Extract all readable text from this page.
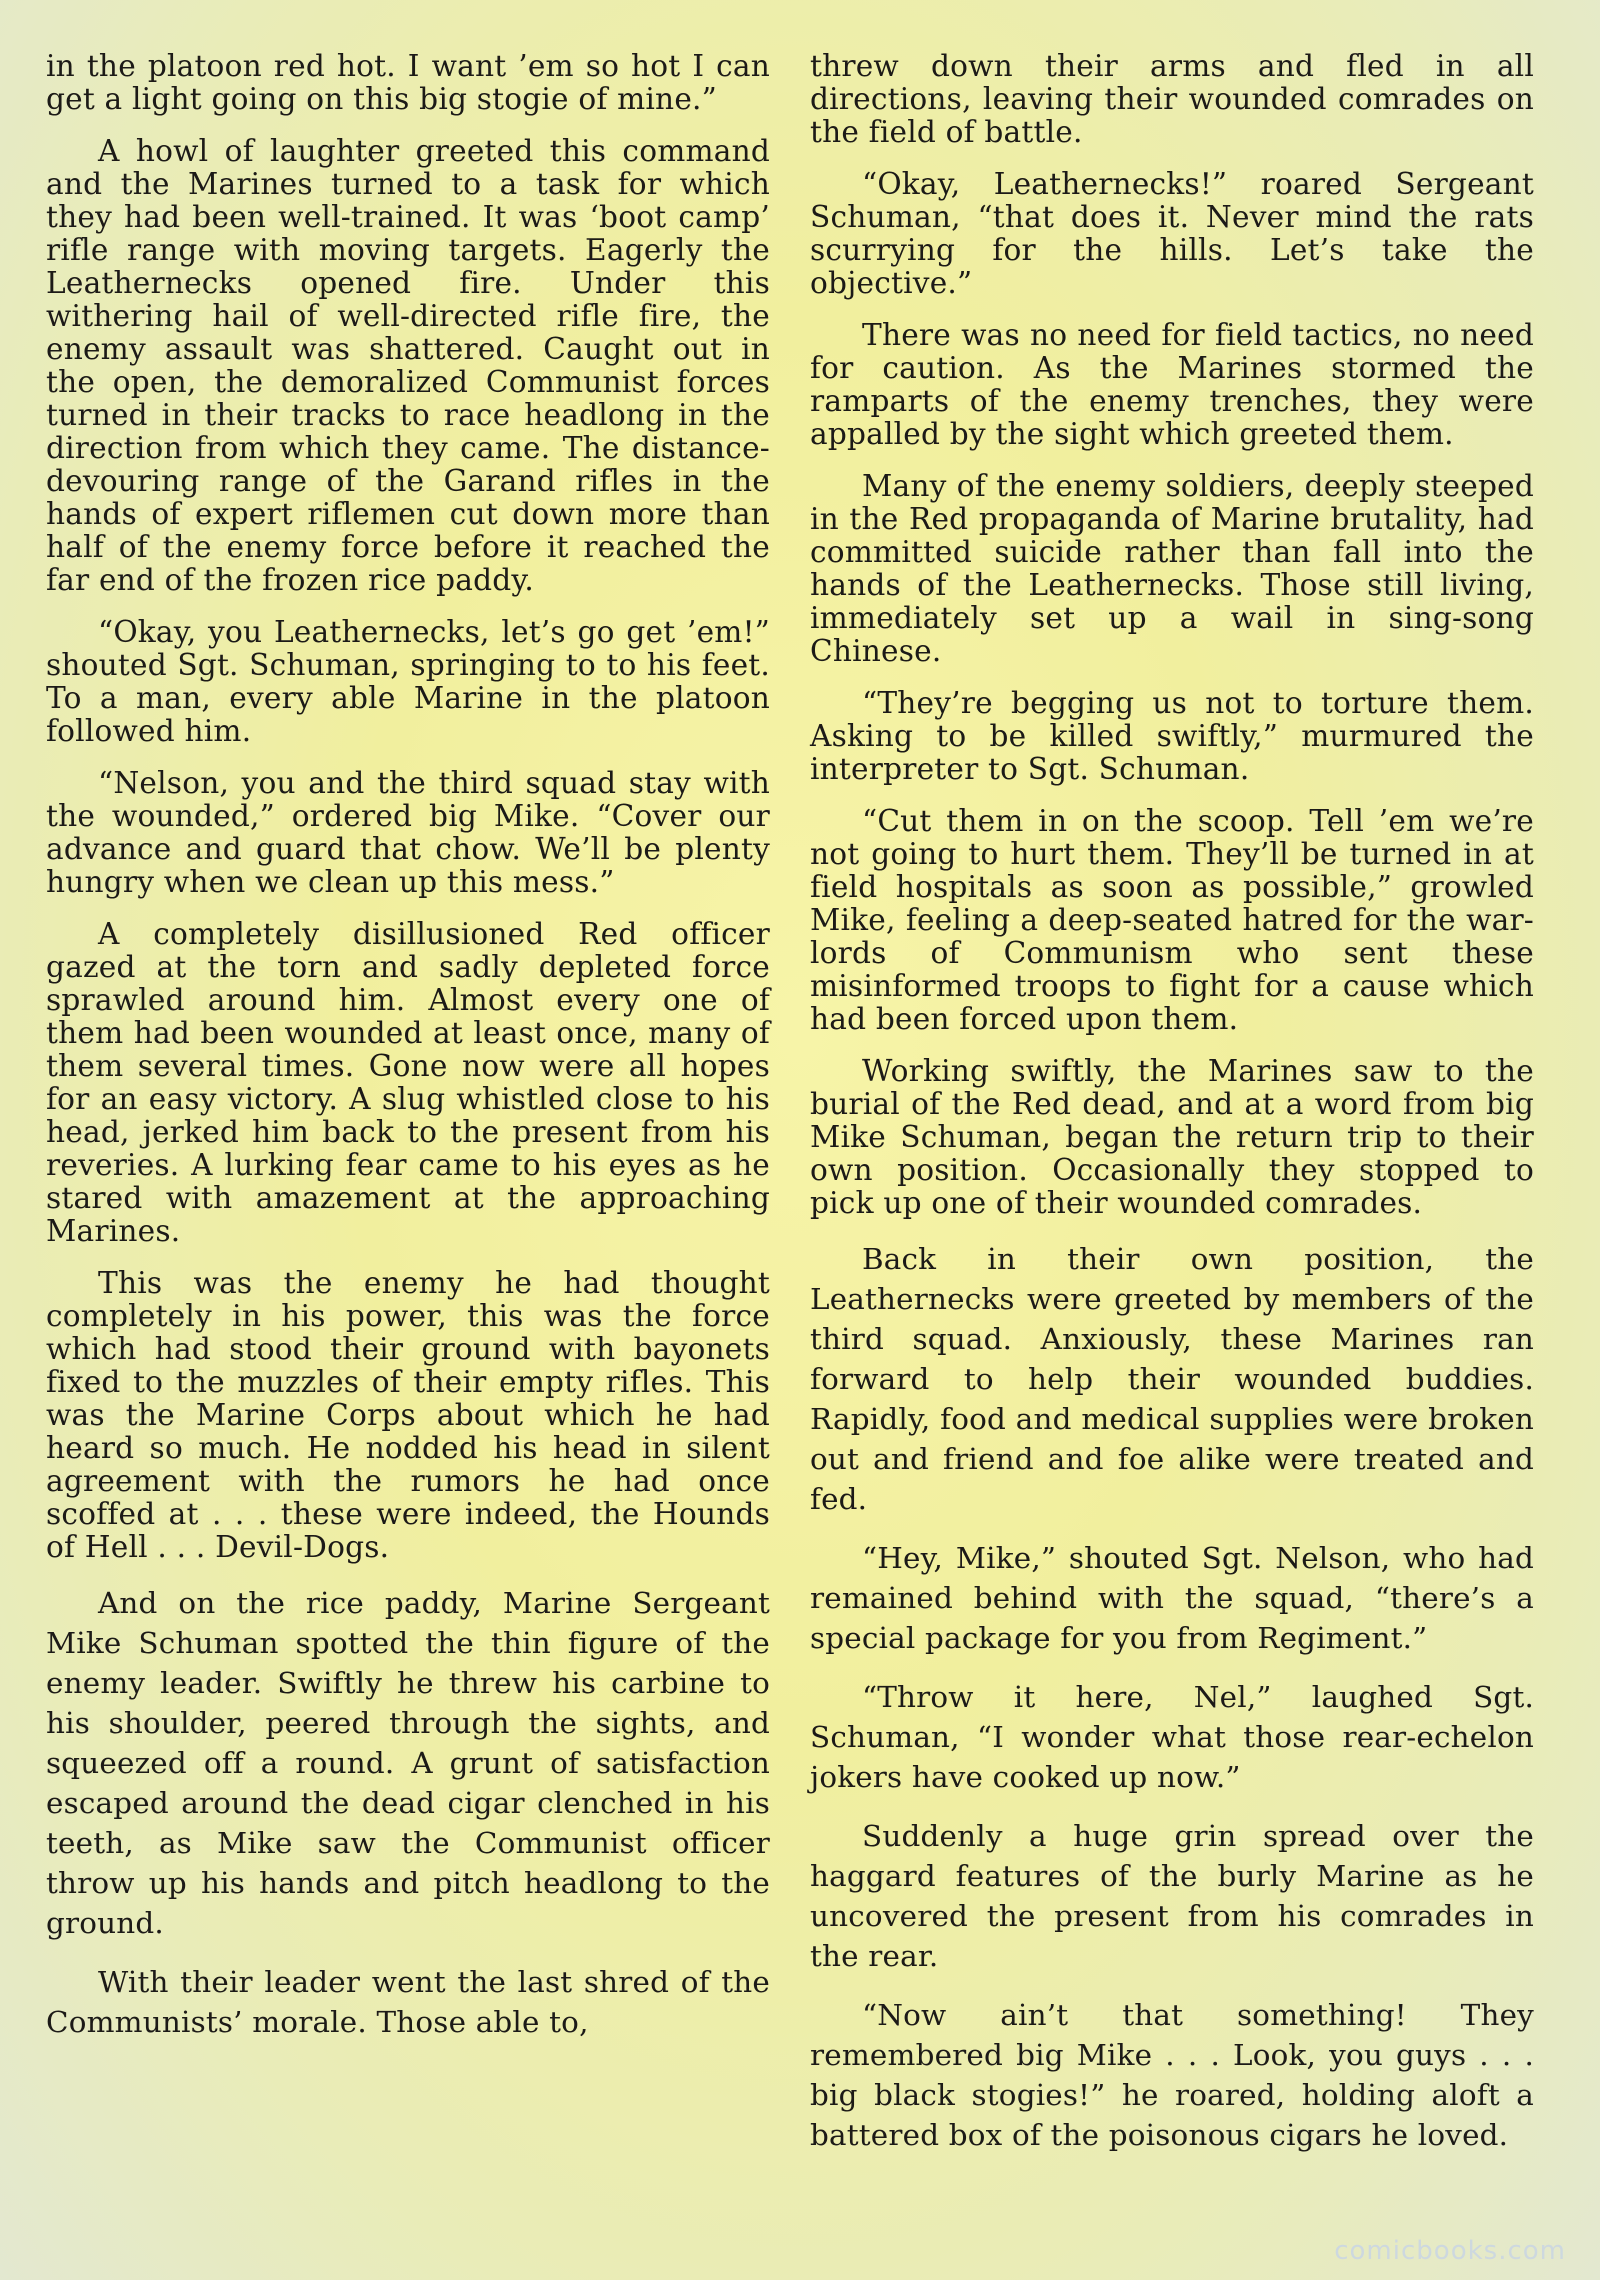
in the platoon red hot. I want ’em so hot I can get a light going on this big stogie of mine.”

A howl of laughter greeted this command and the Marines turned to a task for which they had been well-trained. It was ‘boot camp’ rifle range with moving targets. Eagerly the Leathernecks opened fire. Under this withering hail of well-directed rifle fire, the enemy assault was shattered. Caught out in the open, the demoralized Communist forces turned in their tracks to race headlong in the direction from which they came. The distance-devouring range of the Garand rifles in the hands of expert riflemen cut down more than half of the enemy force before it reached the far end of the frozen rice paddy.

“Okay, you Leathernecks, let’s go get ’em!” shouted Sgt. Schuman, springing to to his feet. To a man, every able Marine in the platoon followed him.

“Nelson, you and the third squad stay with the wounded,” ordered big Mike. “Cover our advance and guard that chow. We’ll be plenty hungry when we clean up this mess.”

A completely disillusioned Red officer gazed at the torn and sadly depleted force sprawled around him. Almost every one of them had been wounded at least once, many of them several times. Gone now were all hopes for an easy victory. A slug whistled close to his head, jerked him back to the present from his reveries. A lurking fear came to his eyes as he stared with amazement at the approaching Marines.

This was the enemy he had thought completely in his power, this was the force which had stood their ground with bayonets fixed to the muzzles of their empty rifles. This was the Marine Corps about which he had heard so much. He nodded his head in silent agreement with the rumors he had once scoffed at . . . these were indeed, the Hounds of Hell . . . Devil-Dogs.

And on the rice paddy, Marine Sergeant Mike Schuman spotted the thin figure of the enemy leader. Swiftly he threw his carbine to his shoulder, peered through the sights, and squeezed off a round. A grunt of satisfaction escaped around the dead cigar clenched in his teeth, as Mike saw the Communist officer throw up his hands and pitch headlong to the ground.

With their leader went the last shred of the Communists’ morale. Those able to,

threw down their arms and fled in all directions, leaving their wounded comrades on the field of battle.

“Okay, Leathernecks!” roared Sergeant Schuman, “that does it. Never mind the rats scurrying for the hills. Let’s take the objective.”

There was no need for field tactics, no need for caution. As the Marines stormed the ramparts of the enemy trenches, they were appalled by the sight which greeted them.

Many of the enemy soldiers, deeply steeped in the Red propaganda of Marine brutality, had committed suicide rather than fall into the hands of the Leathernecks. Those still living, immediately set up a wail in sing-song Chinese.

“They’re begging us not to torture them. Asking to be killed swiftly,” murmured the interpreter to Sgt. Schuman.

“Cut them in on the scoop. Tell ’em we’re not going to hurt them. They’ll be turned in at field hospitals as soon as possible,” growled Mike, feeling a deep-seated hatred for the war-lords of Communism who sent these misinformed troops to fight for a cause which had been forced upon them.

Working swiftly, the Marines saw to the burial of the Red dead, and at a word from big Mike Schuman, began the return trip to their own position. Occasionally they stopped to pick up one of their wounded comrades.

Back in their own position, the Leathernecks were greeted by members of the third squad. Anxiously, these Marines ran forward to help their wounded buddies. Rapidly, food and medical supplies were broken out and friend and foe alike were treated and fed.

“Hey, Mike,” shouted Sgt. Nelson, who had remained behind with the squad, “there’s a special package for you from Regiment.”

“Throw it here, Nel,” laughed Sgt. Schuman, “I wonder what those rear-echelon jokers have cooked up now.”

Suddenly a huge grin spread over the haggard features of the burly Marine as he uncovered the present from his comrades in the rear.

“Now ain’t that something! They remembered big Mike . . . Look, you guys . . . big black stogies!” he roared, holding aloft a battered box of the poisonous cigars he loved.

comicbooks.com
